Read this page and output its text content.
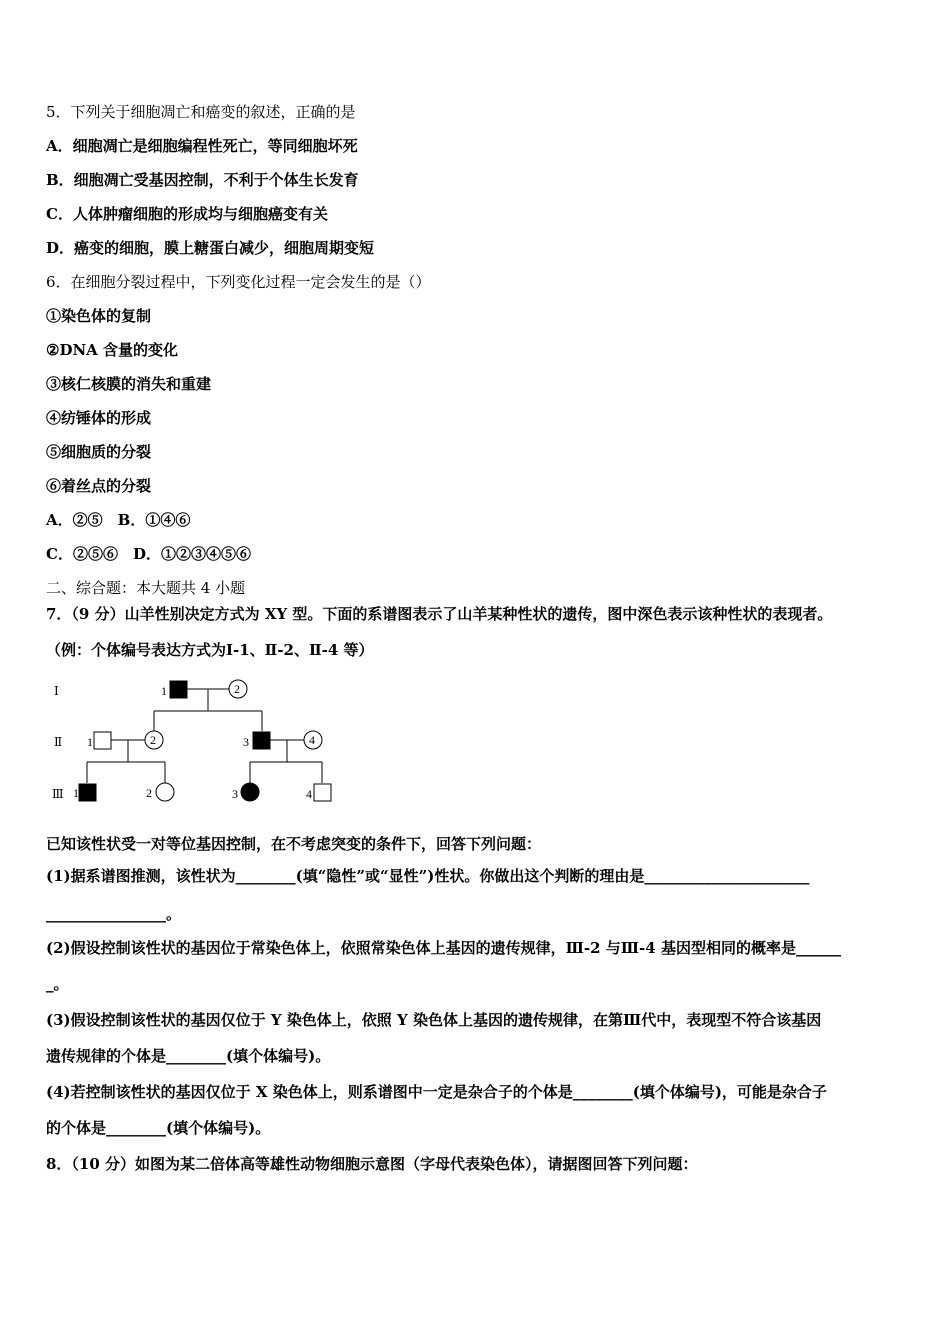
5．下列关于细胞凋亡和癌变的叙述，正确的是
A．细胞凋亡是细胞编程性死亡，等同细胞坏死
B．细胞凋亡受基因控制，不利于个体生长发育
C．人体肿瘤细胞的形成均与细胞癌变有关
D．癌变的细胞，膜上糖蛋白减少，细胞周期变短
6．在细胞分裂过程中，下列变化过程一定会发生的是（）
①染色体的复制
②DNA 含量的变化
③核仁核膜的消失和重建
④纺锤体的形成
⑤细胞质的分裂
⑥着丝点的分裂
A．②⑤　B．①④⑥
C．②⑤⑥　D．①②③④⑤⑥
二、综合题：本大题共 4 小题
7．（9 分）山羊性别决定方式为 XY 型。下面的系谱图表示了山羊某种性状的遗传，图中深色表示该种性状的表现者。
（例：个体编号表达方式为Ⅰ-1、Ⅱ-2、Ⅱ-4 等）
Ⅰ
Ⅱ
Ⅲ
1	2
1	2	3	4
1	2	3	4
已知该性状受一对等位基因控制，在不考虑突变的条件下，回答下列问题：
(1)据系谱图推测，该性状为________(填“隐性”或“显性”)性状。你做出这个判断的理由是______________________
________________。
(2)假设控制该性状的基因位于常染色体上，依照常染色体上基因的遗传规律，Ⅲ-2 与Ⅲ-4 基因型相同的概率是______
_。
(3)假设控制该性状的基因仅位于 Y 染色体上，依照 Y 染色体上基因的遗传规律，在第Ⅲ代中，表现型不符合该基因
遗传规律的个体是________(填个体编号)。
(4)若控制该性状的基因仅位于 X 染色体上，则系谱图中一定是杂合子的个体是________(填个体编号)，可能是杂合子
的个体是________(填个体编号)。
8．（10 分）如图为某二倍体高等雄性动物细胞示意图（字母代表染色体），请据图回答下列问题：
